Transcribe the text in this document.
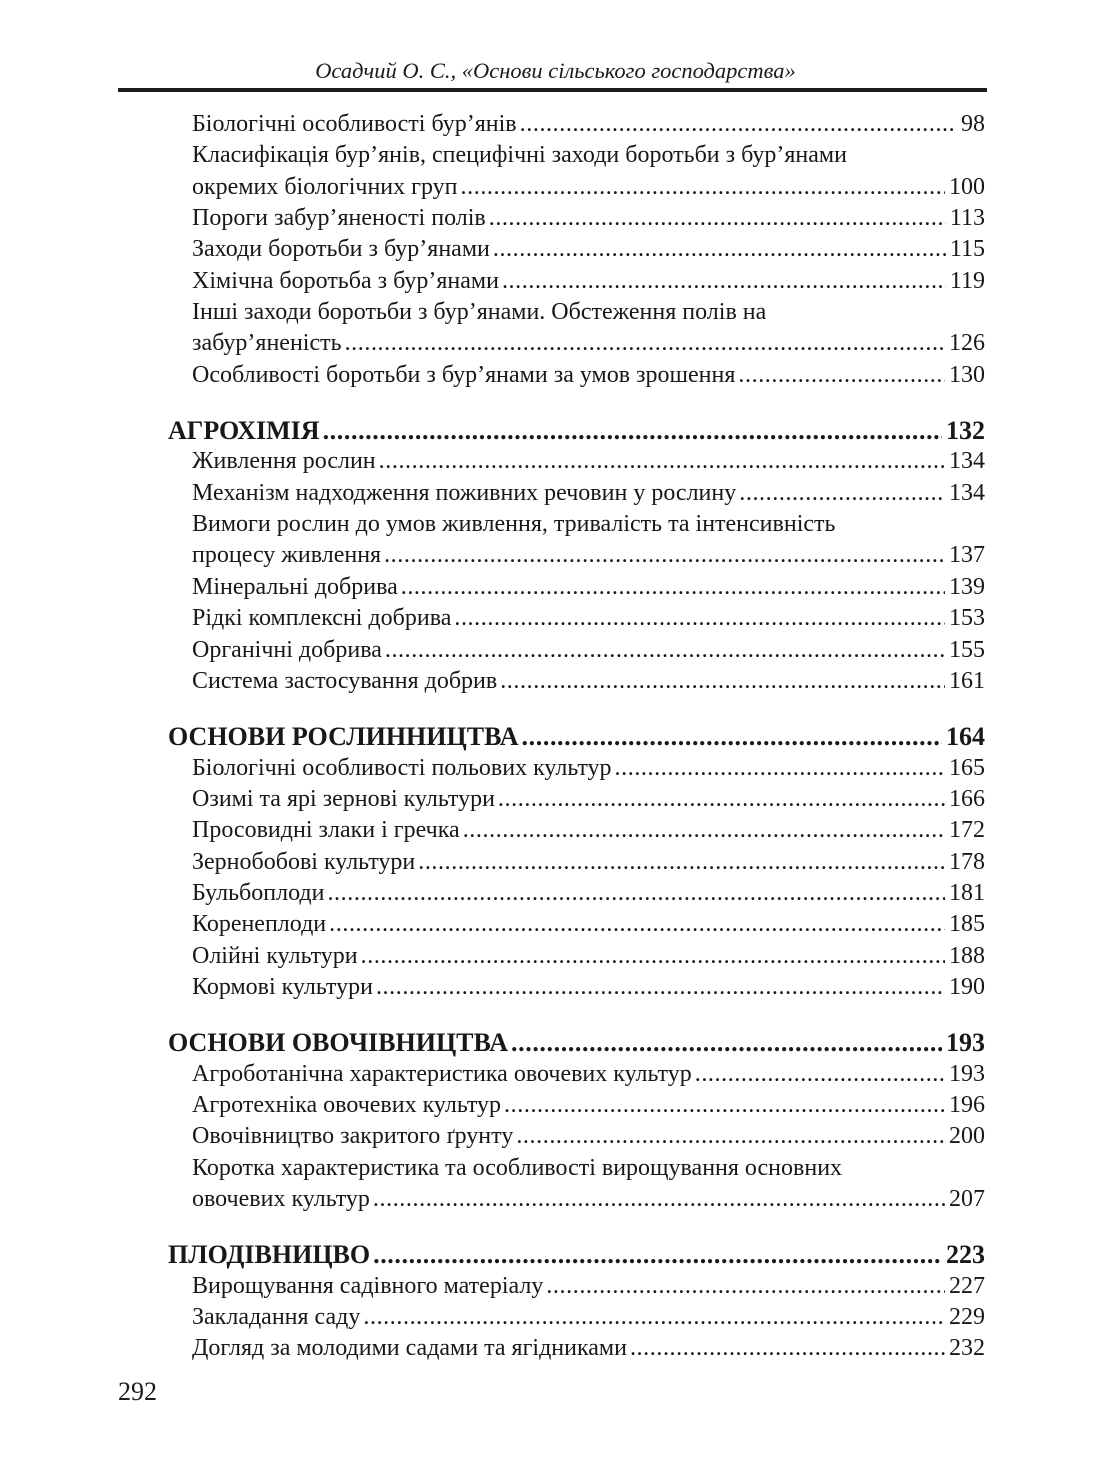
Осадчий О. С., «Основи сільського господарства»
Біологічні особливості бур’янів .....	98
Класифікація бур’янів, специфічні заходи боротьби з бур’янами
окремих біологічних груп .....	100
Пороги забур’яненості полів .....	113
Заходи боротьби з бур’янами .....	115
Хімічна боротьба з бур’янами .....	119
Інші заходи боротьби з бур’янами. Обстеження полів на
забур’яненість .....	126
Особливості боротьби з бур’янами за умов зрошення .....	130
АГРОХІМІЯ .....	132
Живлення рослин .....	134
Механізм надходження поживних речовин у рослину .....	134
Вимоги рослин до умов живлення, тривалість та інтенсивність
процесу живлення .....	137
Мінеральні добрива .....	139
Рідкі комплексні добрива .....	153
Органічні добрива .....	155
Система застосування добрив .....	161
ОСНОВИ РОСЛИННИЦТВА .....	164
Біологічні особливості польових культур .....	165
Озимі та ярі зернові культури .....	166
Просовидні злаки і гречка .....	172
Зернобобові культури .....	178
Бульбоплоди .....	181
Коренеплоди .....	185
Олійні культури .....	188
Кормові культури .....	190
ОСНОВИ ОВОЧІВНИЦТВА .....	193
Агроботанічна характеристика овочевих культур .....	193
Агротехніка овочевих культур .....	196
Овочівництво закритого ґрунту .....	200
Коротка характеристика та особливості вирощування основних
овочевих культур .....	207
ПЛОДІВНИЦВО .....	223
Вирощування садівного матеріалу .....	227
Закладання саду .....	229
Догляд за молодими садами та ягідниками .....	232
292
